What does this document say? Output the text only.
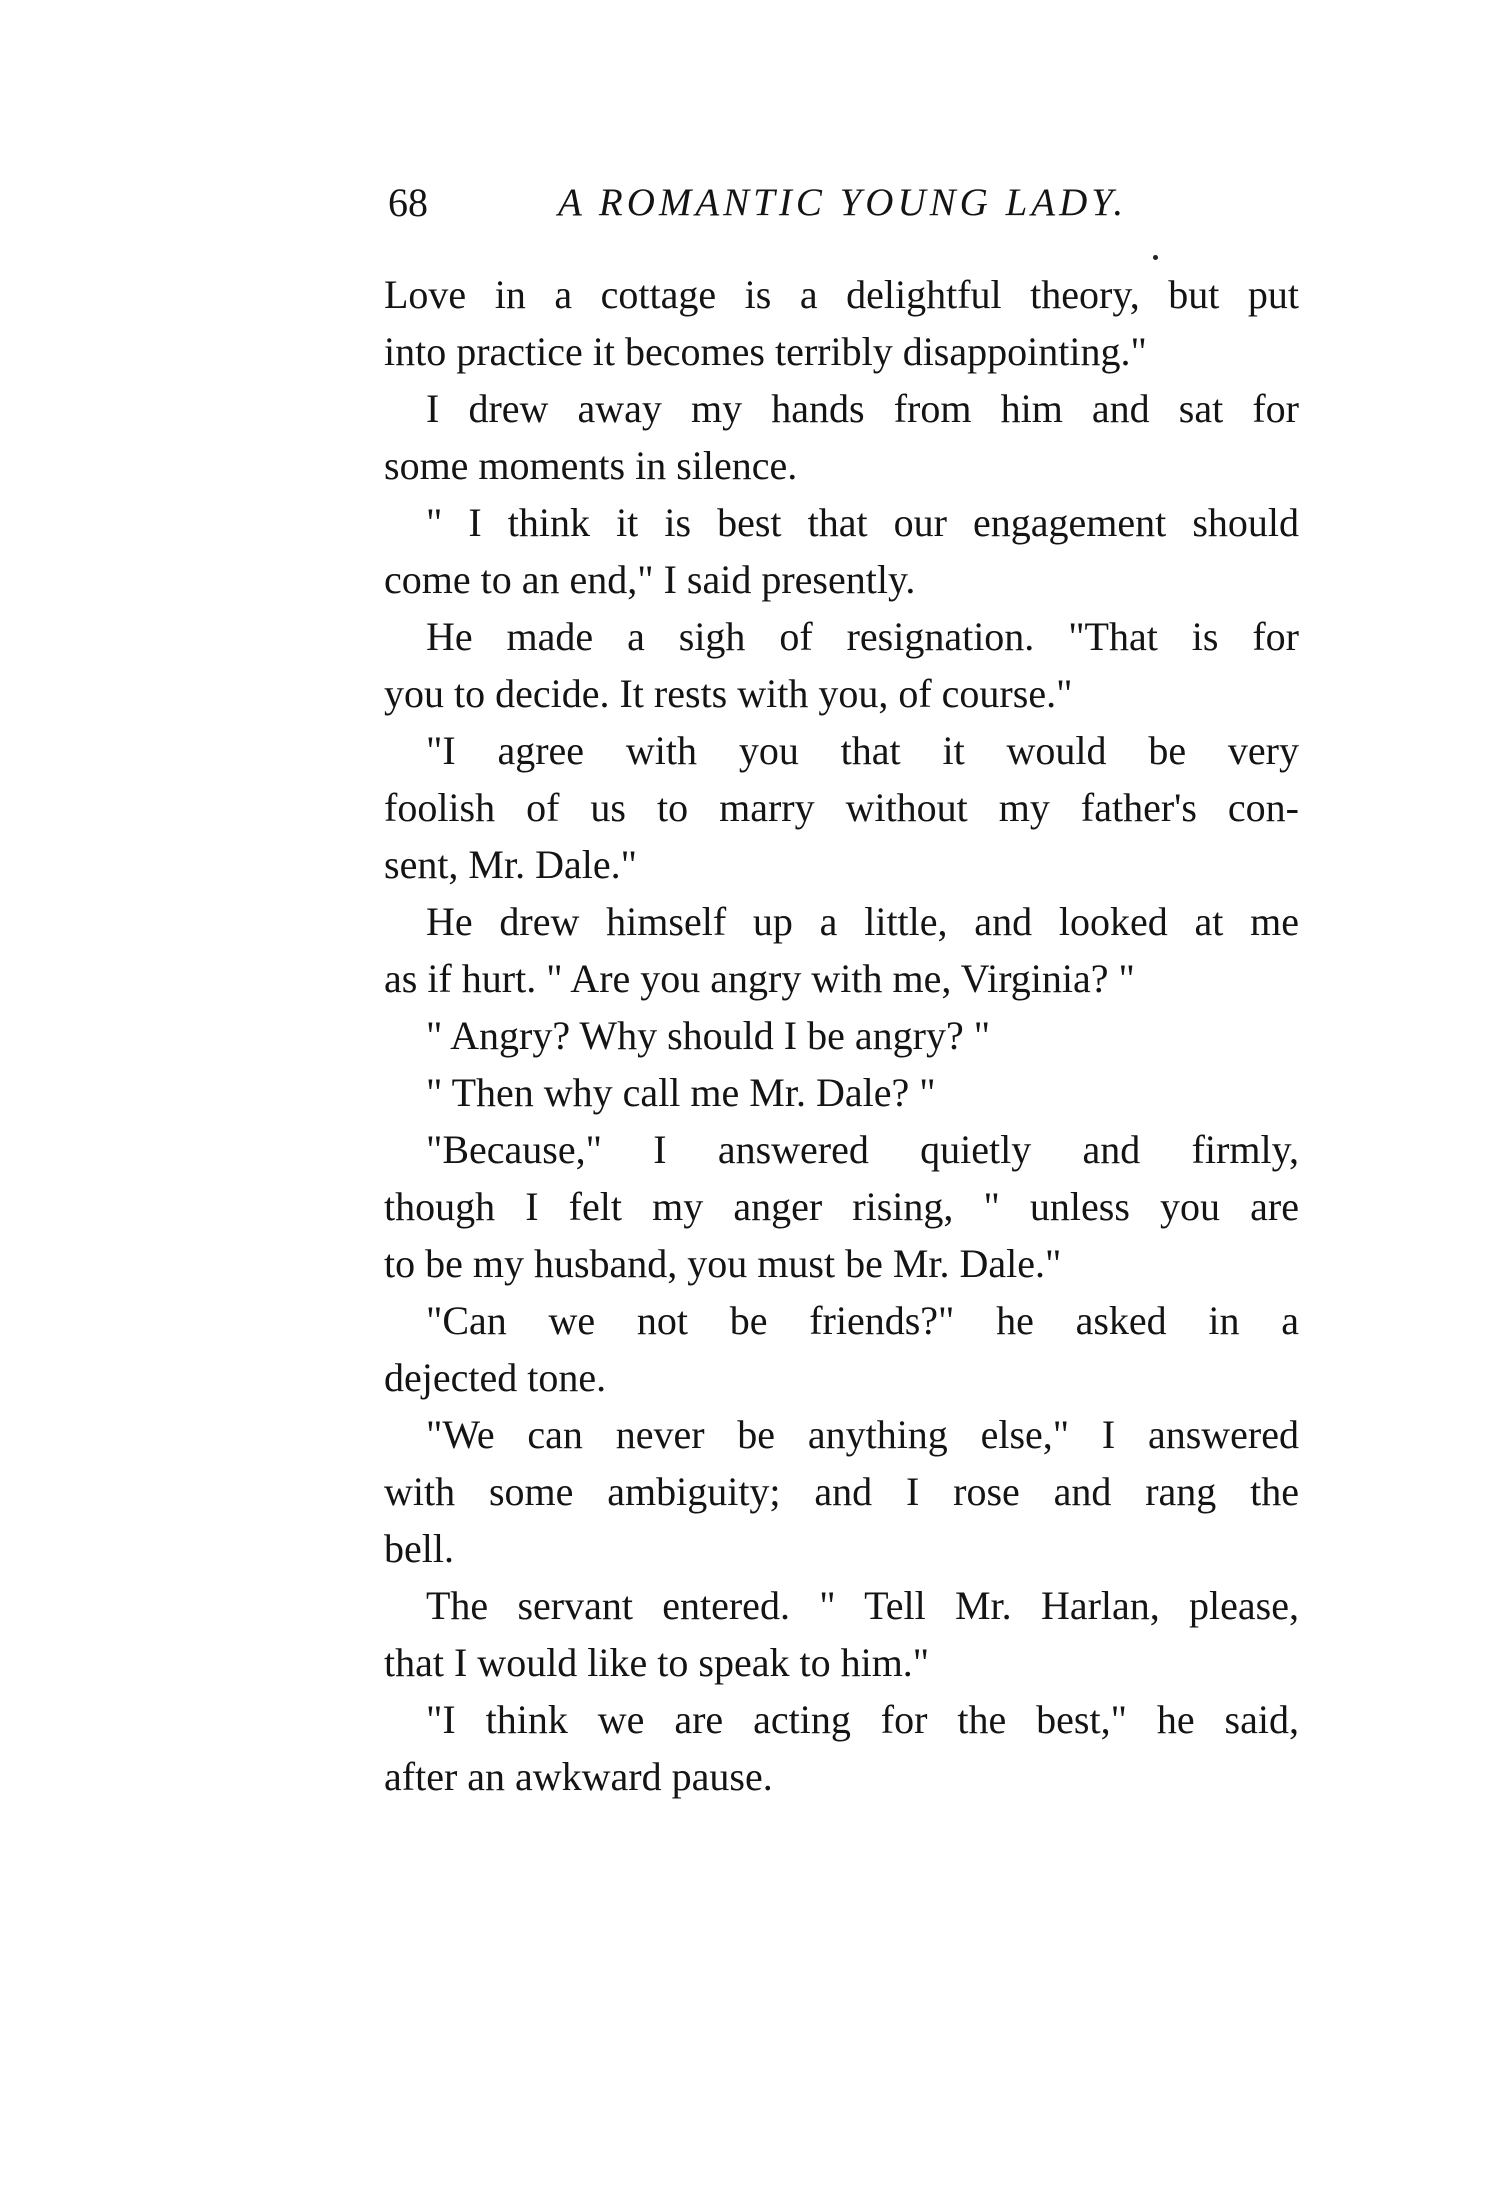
68	A ROMANTIC YOUNG LADY.
Love in a cottage is a delightful theory, but put
into practice it becomes terribly disappointing."
I drew away my hands from him and sat for
some moments in silence.
" I think it is best that our engagement should
come to an end," I said presently.
He made a sigh of resignation. "That is for
you to decide. It rests with you, of course."
"I agree with you that it would be very
foolish of us to marry without my father's con-
sent, Mr. Dale."
He drew himself up a little, and looked at me
as if hurt. " Are you angry with me, Virginia? "
" Angry? Why should I be angry? "
" Then why call me Mr. Dale? "
"Because," I answered quietly and firmly,
though I felt my anger rising, " unless you are
to be my husband, you must be Mr. Dale."
"Can we not be friends?" he asked in a
dejected tone.
"We can never be anything else," I answered
with some ambiguity; and I rose and rang the
bell.
The servant entered. " Tell Mr. Harlan, please,
that I would like to speak to him."
"I think we are acting for the best," he said,
after an awkward pause.
